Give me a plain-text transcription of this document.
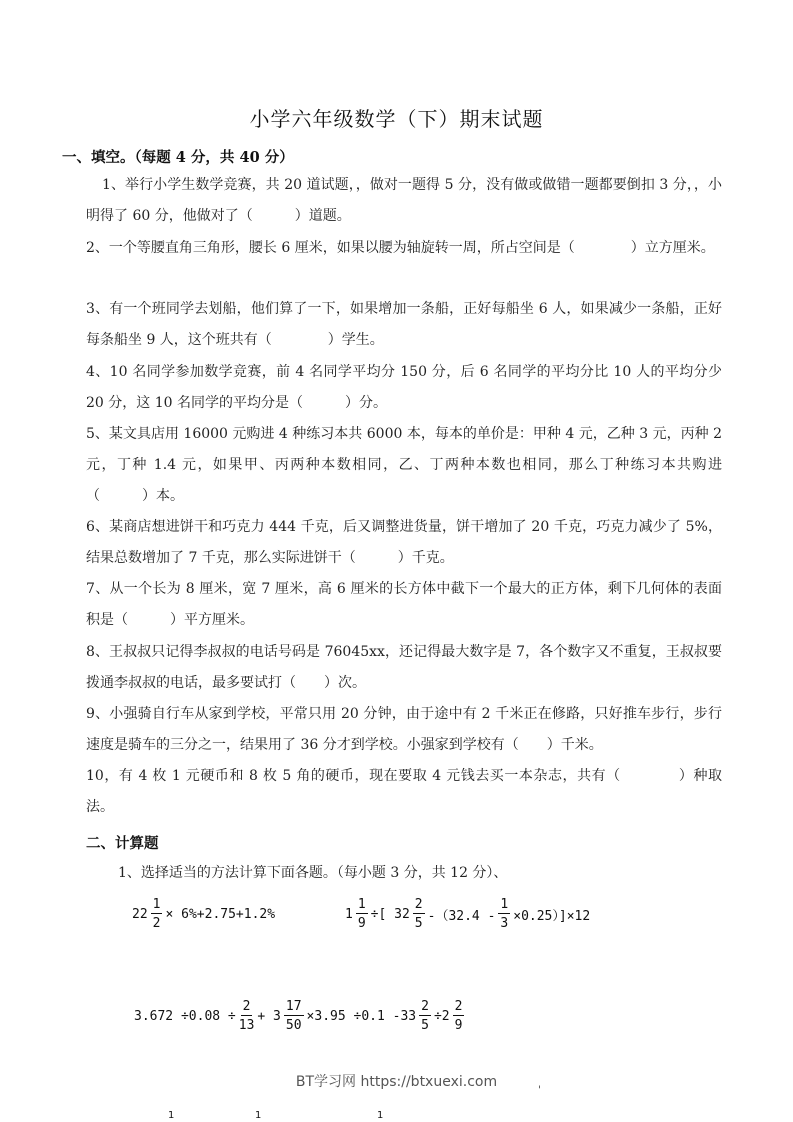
小学六年级数学（下）期末试题
一、填空。（每题 4 分，共 40 分）
1、举行小学生数学竞赛，共 20 道试题，，做对一题得 5 分，没有做或做错一题都要倒扣 3 分，，小明得了 60 分，他做对了（　　　）道题。
2、一个等腰直角三角形，腰长 6 厘米，如果以腰为轴旋转一周，所占空间是（　　　　）立方厘米。
3、有一个班同学去划船，他们算了一下，如果增加一条船，正好每船坐 6 人，如果减少一条船，正好每条船坐 9 人，这个班共有（　　　　）学生。
4、10 名同学参加数学竞赛，前 4 名同学平均分 150 分，后 6 名同学的平均分比 10 人的平均分少 20 分，这 10 名同学的平均分是（　　　）分。
5、某文具店用 16000 元购进 4 种练习本共 6000 本，每本的单价是：甲种 4 元，乙种 3 元，丙种 2 元，丁种 1.4 元，如果甲、丙两种本数相同，乙、丁两种本数也相同，那么丁种练习本共购进（　　　）本。
6、某商店想进饼干和巧克力 444 千克，后又调整进货量，饼干增加了 20 千克，巧克力减少了 5%，结果总数增加了 7 千克，那么实际进饼干（　　　）千克。
7、从一个长为 8 厘米，宽 7 厘米，高 6 厘米的长方体中截下一个最大的正方体，剩下几何体的表面积是（　　　）平方厘米。
8、王叔叔只记得李叔叔的电话号码是 76045xx，还记得最大数字是 7，各个数字又不重复，王叔叔要拨通李叔叔的电话，最多要试打（　　）次。
9、小强骑自行车从家到学校，平常只用 20 分钟，由于途中有 2 千米正在修路，只好推车步行，步行速度是骑车的三分之一，结果用了 36 分才到学校。小强家到学校有（　　）千米。
10，有 4 枚 1 元硬币和 8 枚 5 角的硬币，现在要取 4 元钱去买一本杂志，共有（　　　　）种取法。
二、计算题
1、选择适当的方法计算下面各题。（每小题 3 分，共 12 分）、
$22 \frac{1}{2} \times 6\%+2.75+1.2\%$	$1 \frac{1}{9}$ ÷[ $32 \frac{2}{5} -(32.4 - \frac{1}{3} \times 0.25)]\times 12$
$3.672 \div 0.08 \div \frac{2}{13} + 3 \frac{17}{50} \times 3.95 \div 0.1$ $-33 \frac{2}{5} \div 2 \frac{2}{9}$
BT学习网 https://btxuexi.com
'
1	1	1
